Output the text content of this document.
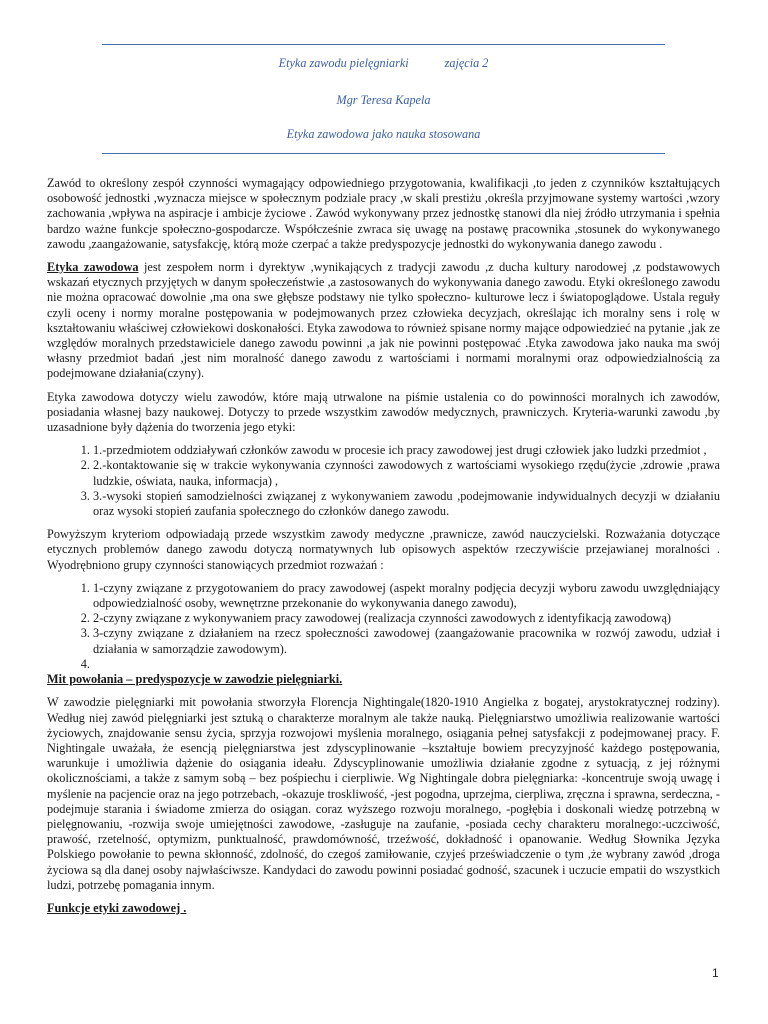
Etyka zawodu pielęgniarki	zajęcia 2
Mgr Teresa Kapela
Etyka zawodowa jako nauka stosowana

Zawód to określony zespół czynności wymagający odpowiedniego przygotowania, kwalifikacji ,to jeden z czynników kształtujących osobowość jednostki ,wyznacza miejsce w społecznym podziale pracy ,w skali prestiżu ,określa przyjmowane systemy wartości ,wzory zachowania ,wpływa na aspiracje i ambicje życiowe . Zawód wykonywany przez jednostkę stanowi dla niej źródło utrzymania i spełnia bardzo ważne funkcje społeczno-gospodarcze. Współcześnie zwraca się uwagę na postawę pracownika ,stosunek do wykonywanego zawodu ,zaangażowanie, satysfakcję, którą może czerpać a także predyspozycje jednostki do wykonywania danego zawodu .

Etyka zawodowa jest zespołem norm i dyrektyw ,wynikających z tradycji zawodu ,z ducha kultury narodowej ,z podstawowych wskazań etycznych przyjętych w danym społeczeństwie ,a zastosowanych do wykonywania danego zawodu. Etyki określonego zawodu nie można opracować dowolnie ,ma ona swe głębsze podstawy nie tylko społeczno- kulturowe lecz i światopoglądowe. Ustala reguły czyli oceny i normy moralne postępowania w podejmowanych przez człowieka decyzjach, określając ich moralny sens i rolę w kształtowaniu właściwej człowiekowi doskonałości. Etyka zawodowa to również spisane normy mające odpowiedzieć na pytanie ,jak ze względów moralnych przedstawiciele danego zawodu powinni ,a jak nie powinni postępować .Etyka zawodowa jako nauka ma swój własny przedmiot badań ,jest nim moralność danego zawodu z wartościami i normami moralnymi oraz odpowiedzialnością za podejmowane działania(czyny).

Etyka zawodowa dotyczy wielu zawodów, które mają utrwalone na piśmie ustalenia co do powinności moralnych ich zawodów, posiadania własnej bazy naukowej. Dotyczy to przede wszystkim zawodów medycznych, prawniczych. Kryteria-warunki zawodu ,by uzasadnione były dążenia do tworzenia jego etyki:

1. 1.-przedmiotem oddziaływań członków zawodu w procesie ich pracy zawodowej jest drugi człowiek jako ludzki przedmiot ,
2. 2.-kontaktowanie się w trakcie wykonywania czynności zawodowych z wartościami wysokiego rzędu(życie ,zdrowie ,prawa ludzkie, oświata, nauka, informacja) ,
3. 3.-wysoki stopień samodzielności związanej z wykonywaniem zawodu ,podejmowanie indywidualnych decyzji w działaniu oraz wysoki stopień zaufania społecznego do członków danego zawodu.

Powyższym kryteriom odpowiadają przede wszystkim zawody medyczne ,prawnicze, zawód nauczycielski. Rozważania dotyczące etycznych problemów danego zawodu dotyczą normatywnych lub opisowych aspektów rzeczywiście przejawianej moralności . Wyodrębniono grupy czynności stanowiących przedmiot rozważań :

1. 1-czyny związane z przygotowaniem do pracy zawodowej (aspekt moralny podjęcia decyzji wyboru zawodu uwzględniający odpowiedzialność osoby, wewnętrzne przekonanie do wykonywania danego zawodu),
2. 2-czyny związane z wykonywaniem pracy zawodowej (realizacja czynności zawodowych z identyfikacją zawodową)
3. 3-czyny związane z działaniem na rzecz społeczności zawodowej (zaangażowanie pracownika w rozwój zawodu, udział i działania w samorządzie zawodowym).
4.

Mit powołania – predyspozycje w zawodzie pielęgniarki.

W zawodzie pielęgniarki mit powołania stworzyła Florencja Nightingale(1820-1910 Angielka z bogatej, arystokratycznej rodziny). Według niej zawód pielęgniarki jest sztuką o charakterze moralnym ale także nauką. Pielęgniarstwo umożliwia realizowanie wartości życiowych, znajdowanie sensu życia, sprzyja rozwojowi myślenia moralnego, osiągania pełnej satysfakcji z podejmowanej pracy. F. Nightingale uważała, że esencją pielęgniarstwa jest zdyscyplinowanie –kształtuje bowiem precyzyjność każdego postępowania, warunkuje i umożliwia dążenie do osiągania ideału. Zdyscyplinowanie umożliwia działanie zgodne z sytuacją, z jej różnymi okolicznościami, a także z samym sobą – bez pośpiechu i cierpliwie. Wg Nightingale dobra pielęgniarka: -koncentruje swoją uwagę i myślenie na pacjencie oraz na jego potrzebach, -okazuje troskliwość, -jest pogodna, uprzejma, cierpliwa, zręczna i sprawna, serdeczna, -podejmuje starania i świadome zmierza do osiągan. coraz wyższego rozwoju moralnego, -pogłębia i doskonali wiedzę potrzebną w pielęgnowaniu, -rozwija swoje umiejętności zawodowe, -zasługuje na zaufanie, -posiada cechy charakteru moralnego:-uczciwość, prawość, rzetelność, optymizm, punktualność, prawdomówność, trzeźwość, dokładność i opanowanie. Według Słownika Języka Polskiego powołanie to pewna skłonność, zdolność, do czegoś zamiłowanie, czyjeś przeświadczenie o tym ,że wybrany zawód ,droga życiowa są dla danej osoby najwłaściwsze. Kandydaci do zawodu powinni posiadać godność, szacunek i uczucie empatii do wszystkich ludzi, potrzebę pomagania innym.

Funkcje etyki zawodowej .

1
